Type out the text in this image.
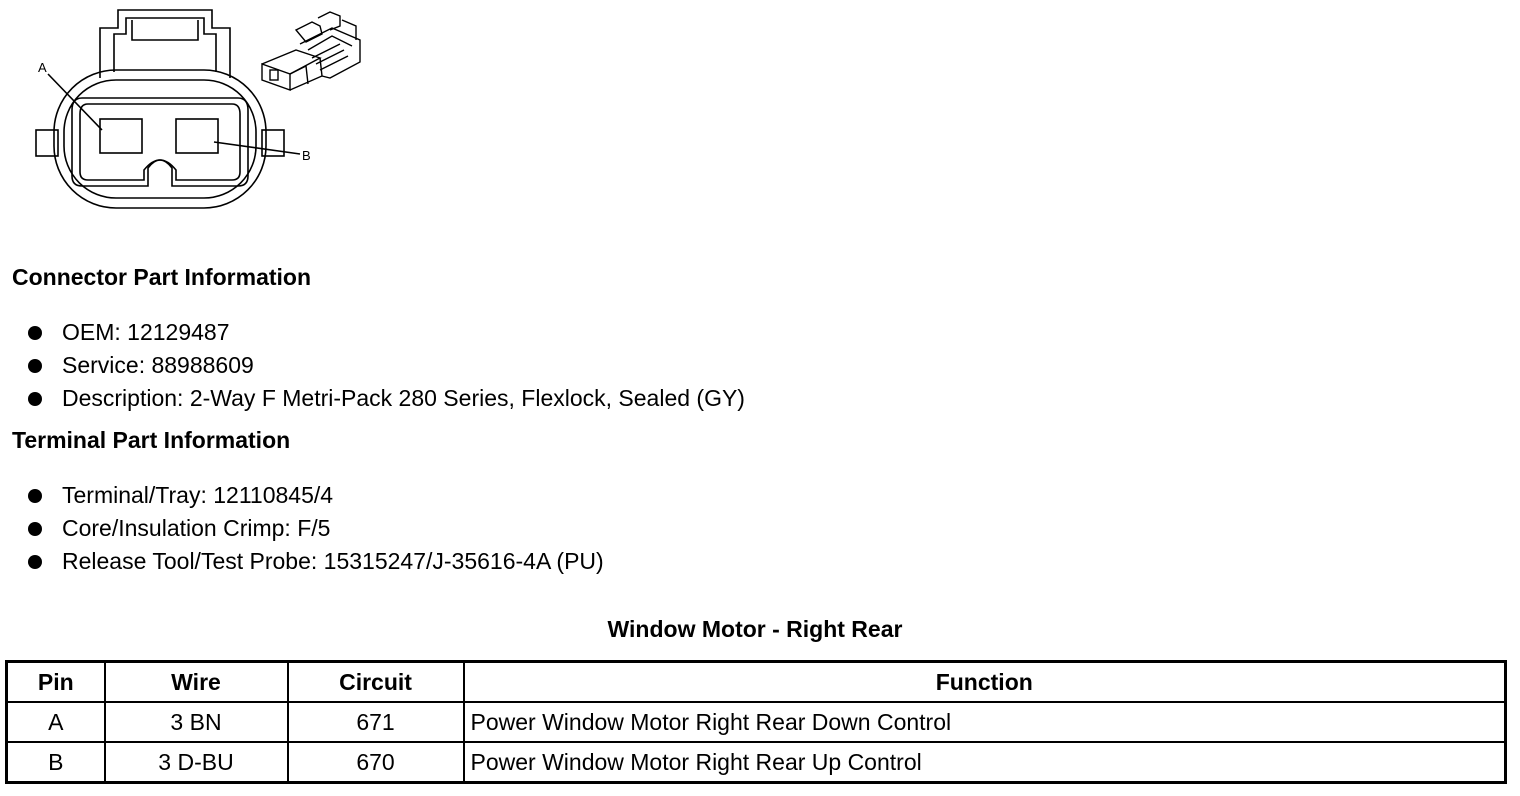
A
B
Connector Part Information
OEM: 12129487
Service: 88988609
Description: 2-Way F Metri-Pack 280 Series, Flexlock, Sealed (GY)
Terminal Part Information
Terminal/Tray: 12110845/4
Core/Insulation Crimp: F/5
Release Tool/Test Probe: 15315247/J-35616-4A (PU)
Window Motor - Right Rear
Pin	Wire	Circuit	Function
A	3 BN	671	Power Window Motor Right Rear Down Control
B	3 D-BU	670	Power Window Motor Right Rear Up Control
